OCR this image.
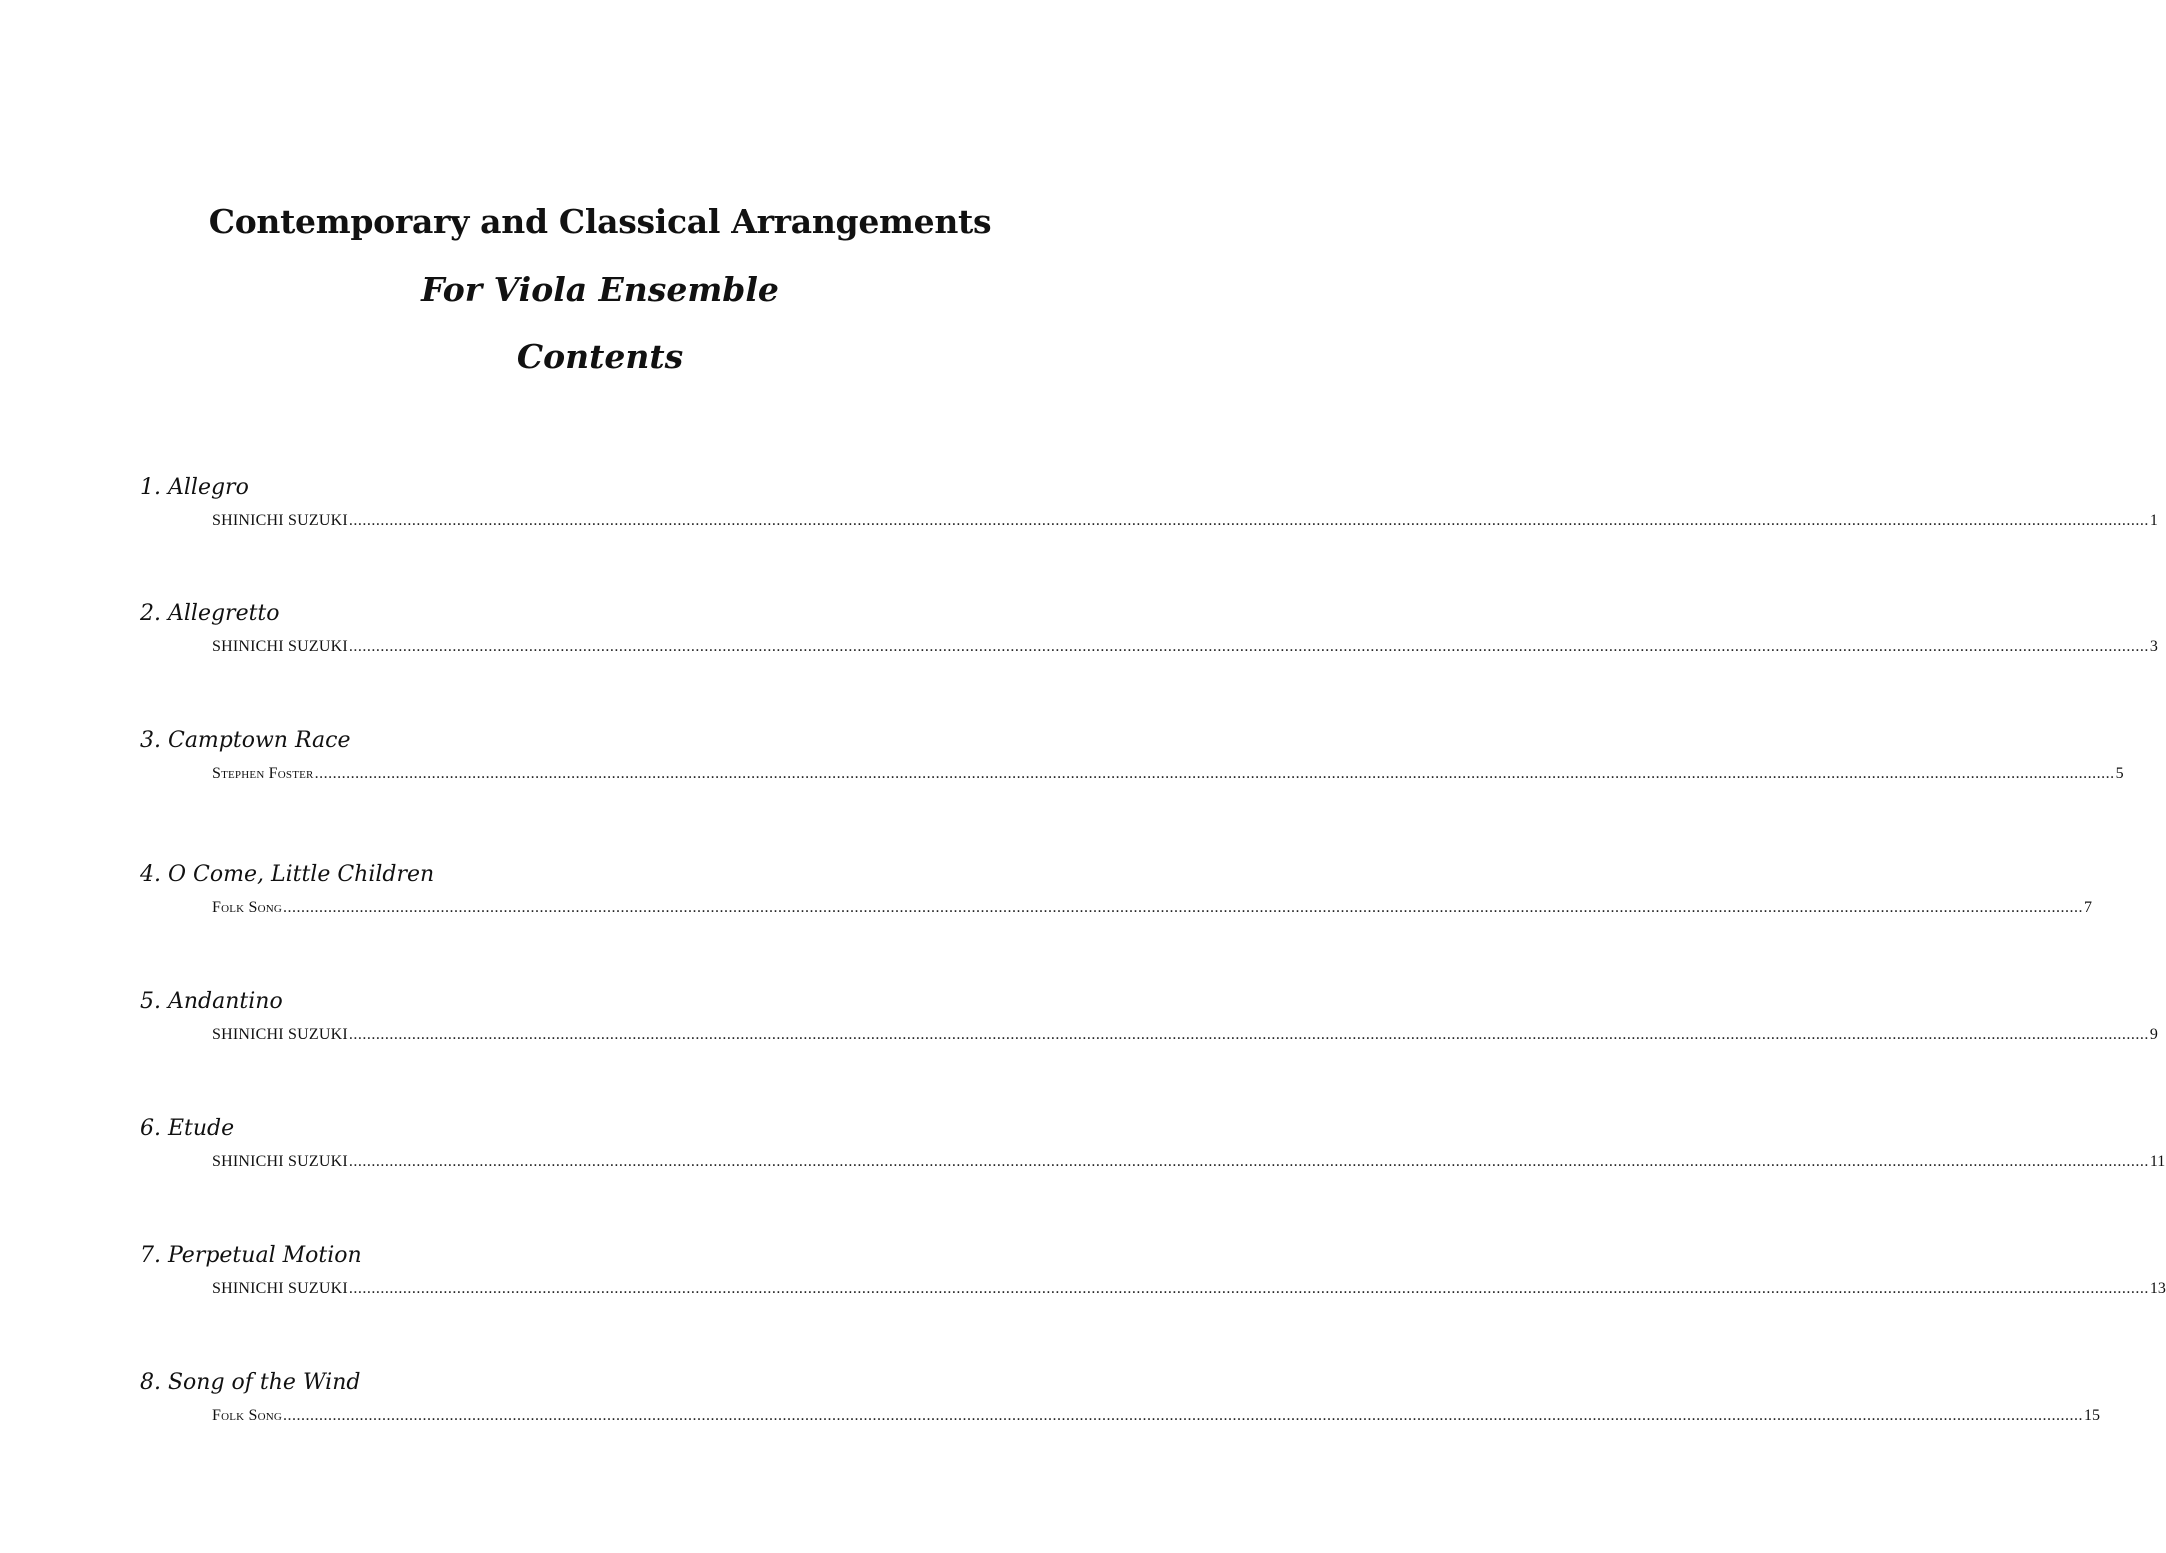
Contemporary and Classical Arrangements
For Viola Ensemble
Contents
1. Allegro
SHINICHI SUZUKI ................................................................................................................................................................................................................................................................................................................................................................................................................ 1
2. Allegretto
SHINICHI SUZUKI ................................................................................................................................................................................................................................................................................................................................................................................................................ 3
3. Camptown Race
Stephen Foster ................................................................................................................................................................................................................................................................................................................................................................................................................ 5
4. O Come, Little Children
Folk Song ................................................................................................................................................................................................................................................................................................................................................................................................................ 7
5. Andantino
SHINICHI SUZUKI ................................................................................................................................................................................................................................................................................................................................................................................................................ 9
6. Etude
SHINICHI SUZUKI ................................................................................................................................................................................................................................................................................................................................................................................................................ 11
7. Perpetual Motion
SHINICHI SUZUKI ................................................................................................................................................................................................................................................................................................................................................................................................................ 13
8. Song of the Wind
Folk Song ................................................................................................................................................................................................................................................................................................................................................................................................................ 15
